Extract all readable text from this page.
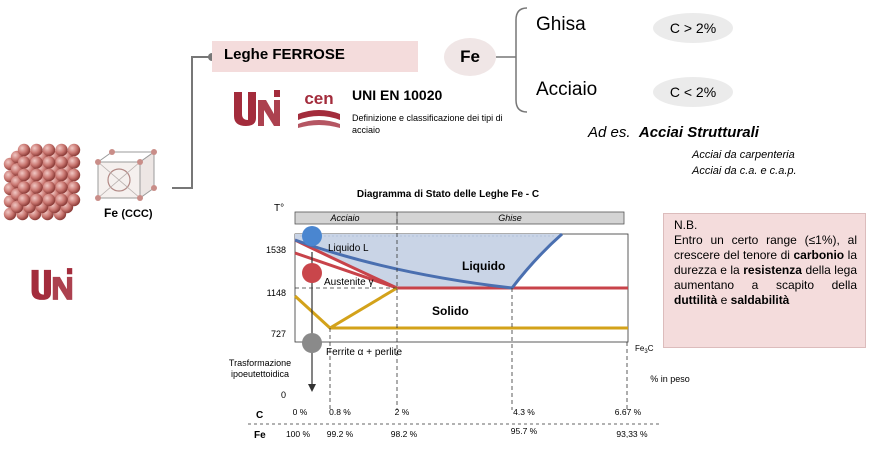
Leghe FERROSE	Fe
Ghisa	C > 2%
Acciaio	C < 2%
cen UNI EN 10020
Definizione e classificazione dei tipi di acciaio	Ad es. Acciai Strutturali
Acciai da carpenteria
Acciai da c.a. e c.a.p.
Fe (CCC)
N.B.
Entro un certo range (≤1%), al crescere del tenore di carbonio la durezza e la resistenza della lega aumentano a scapito della duttilità e saldabilità
Diagramma di Stato delle Leghe Fe - C
T°
Acciaio	Ghise
Liquido L
Liquido
Austenite γ
Solido
Ferrite α + perlite	$Fe_3C$
Trasformazione
ipoeutettoidica
1538
1148
727
0
% in peso
C
Fe
0 %	0.8 %	2 %	4.3 %	6.67 %
100 % 99.2 %	98.2 %	95.7 %	93,33 %
